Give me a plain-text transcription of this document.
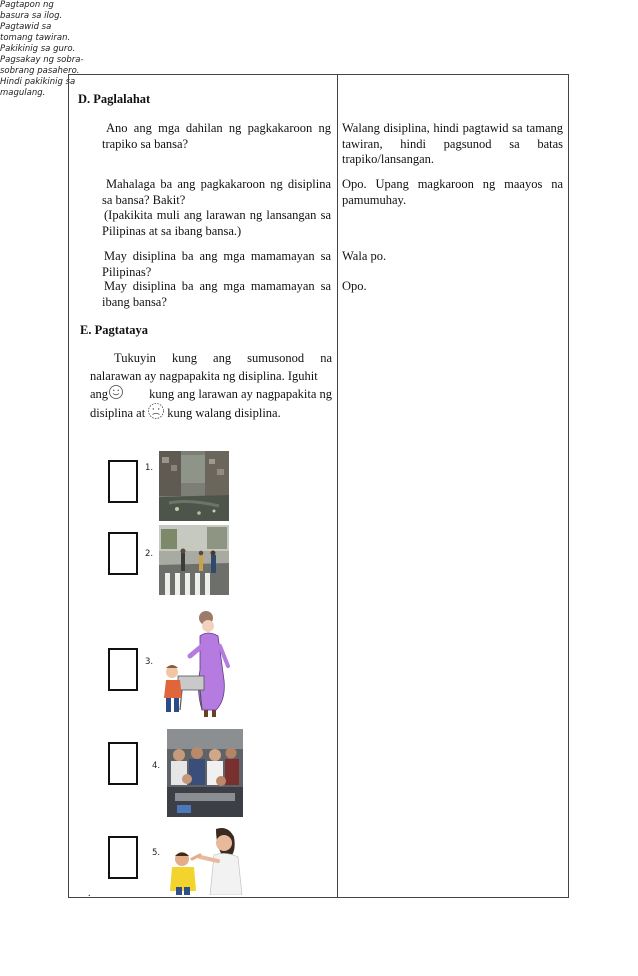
D. Paglalahat
Ano ang mga dahilan ng pagkakaroon ng trapiko sa bansa?
Walang disiplina, hindi pagtawid sa tamang tawiran, hindi pagsunod sa batas trapiko/lansangan.
Mahalaga ba ang pagkakaroon ng disiplina sa bansa? Bakit?
(Ipakikita muli ang larawan ng lansangan sa Pilipinas at sa ibang bansa.)
Opo. Upang magkaroon ng maayos na pamumuhay.
May disiplina ba ang mga mamamayan sa Pilipinas?
Wala po.
May disiplina ba ang mga mamamayan sa ibang bansa?
Opo.
E. Pagtataya
Tukuyin kung ang sumusonod na nalarawan ay nagpapakita ng disiplina. Iguhit
ang	kung ang larawan ay nagpapakita ng
disiplina at kung walang disiplina.
1.
Pagtapon ng
basura sa ilog.
2.
Pagtawid sa
tomang tawiran.
3.
Pakikinig sa guro.
4.
Pagsakay ng sobra-
sobrang pasahero.
5.
Hindi pakikinig sa
magulang.
.
